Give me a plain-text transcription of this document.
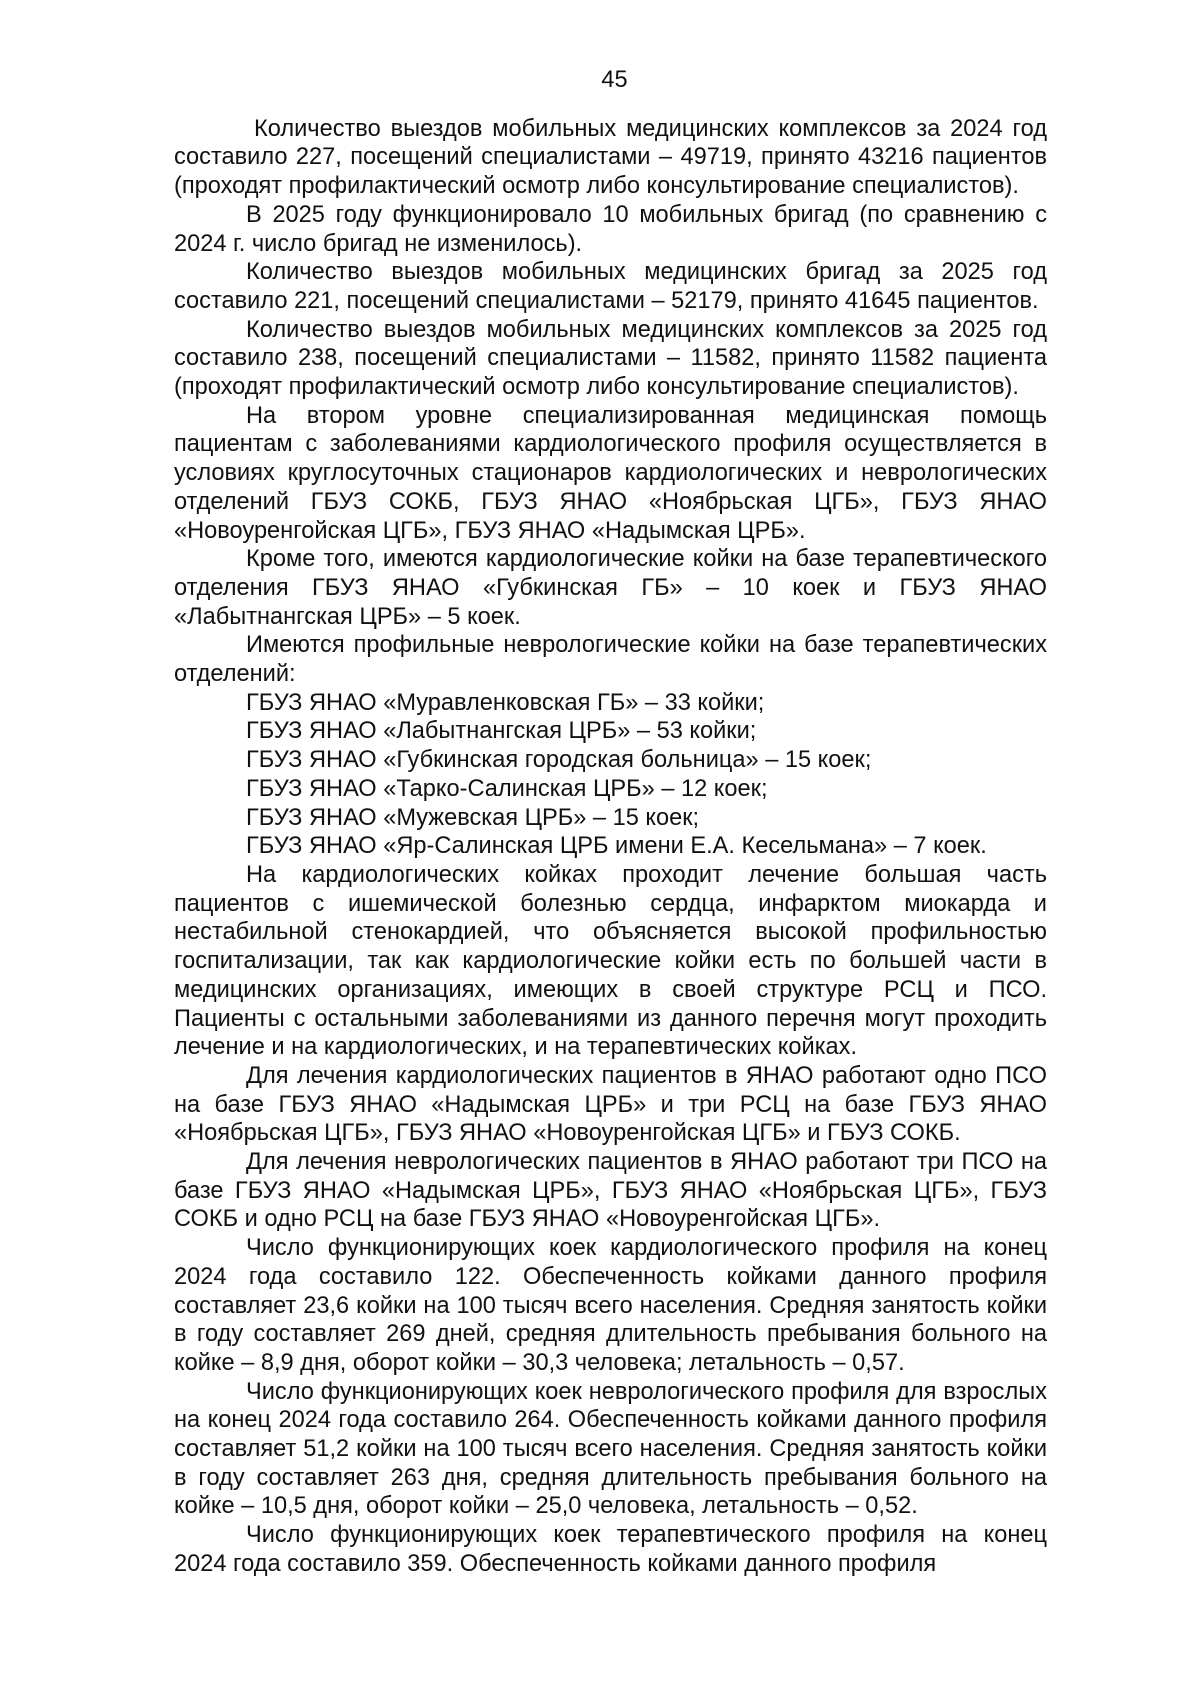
45

Количество выездов мобильных медицинских комплексов за 2024 год составило 227, посещений специалистами – 49719, принято 43216 пациентов (проходят профилактический осмотр либо консультирование специалистов).

В 2025 году функционировало 10 мобильных бригад (по сравнению с 2024 г. число бригад не изменилось).

Количество выездов мобильных медицинских бригад за 2025 год составило 221, посещений специалистами – 52179, принято 41645 пациентов.

Количество выездов мобильных медицинских комплексов за 2025 год составило 238, посещений специалистами – 11582, принято 11582 пациента (проходят профилактический осмотр либо консультирование специалистов).

На втором уровне специализированная медицинская помощь пациентам с заболеваниями кардиологического профиля осуществляется в условиях круглосуточных стационаров кардиологических и неврологических отделений ГБУЗ СОКБ, ГБУЗ ЯНАО «Ноябрьская ЦГБ», ГБУЗ ЯНАО «Новоуренгойская ЦГБ», ГБУЗ ЯНАО «Надымская ЦРБ».

Кроме того, имеются кардиологические койки на базе терапевтического отделения ГБУЗ ЯНАО «Губкинская ГБ» – 10 коек и ГБУЗ ЯНАО «Лабытнангская ЦРБ» – 5 коек.

Имеются профильные неврологические койки на базе терапевтических отделений:

ГБУЗ ЯНАО «Муравленковская ГБ» – 33 койки;

ГБУЗ ЯНАО «Лабытнангская ЦРБ» – 53 койки;

ГБУЗ ЯНАО «Губкинская городская больница» – 15 коек;

ГБУЗ ЯНАО «Тарко-Салинская ЦРБ» – 12 коек;

ГБУЗ ЯНАО «Мужевская ЦРБ» – 15 коек;

ГБУЗ ЯНАО «Яр-Салинская ЦРБ имени Е.А. Кесельмана» – 7 коек.

На кардиологических койках проходит лечение большая часть пациентов с ишемической болезнью сердца, инфарктом миокарда и нестабильной стенокардией, что объясняется высокой профильностью госпитализации, так как кардиологические койки есть по большей части в медицинских организациях, имеющих в своей структуре РСЦ и ПСО. Пациенты с остальными заболеваниями из данного перечня могут проходить лечение и на кардиологических, и на терапевтических койках.

Для лечения кардиологических пациентов в ЯНАО работают одно ПСО на базе ГБУЗ ЯНАО «Надымская ЦРБ» и три РСЦ на базе ГБУЗ ЯНАО «Ноябрьская ЦГБ», ГБУЗ ЯНАО «Новоуренгойская ЦГБ» и ГБУЗ СОКБ.

Для лечения неврологических пациентов в ЯНАО работают три ПСО на базе ГБУЗ ЯНАО «Надымская ЦРБ», ГБУЗ ЯНАО «Ноябрьская ЦГБ», ГБУЗ СОКБ и одно РСЦ на базе ГБУЗ ЯНАО «Новоуренгойская ЦГБ».

Число функционирующих коек кардиологического профиля на конец 2024 года составило 122. Обеспеченность койками данного профиля составляет 23,6 койки на 100 тысяч всего населения. Средняя занятость койки в году составляет 269 дней, средняя длительность пребывания больного на койке – 8,9 дня, оборот койки – 30,3 человека; летальность – 0,57.

Число функционирующих коек неврологического профиля для взрослых на конец 2024 года составило 264. Обеспеченность койками данного профиля составляет 51,2 койки на 100 тысяч всего населения. Средняя занятость койки в году составляет 263 дня, средняя длительность пребывания больного на койке – 10,5 дня, оборот койки – 25,0 человека, летальность – 0,52.

Число функционирующих коек терапевтического профиля на конец 2024 года составило 359. Обеспеченность койками данного профиля
